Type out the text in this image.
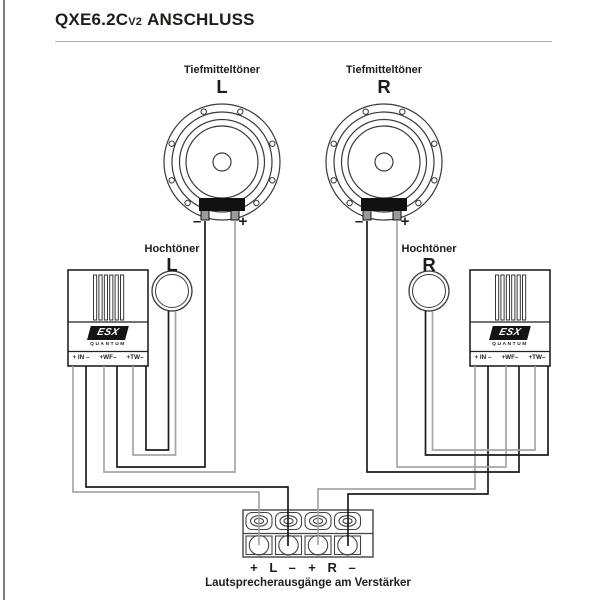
QXE6.2CV2 ANSCHLUSS
Tiefmitteltöner
L
Tiefmitteltöner
R
–	+	–	+
Hochtöner
L
Hochtöner
R
ESX
QUANTUM
+ IN –	+WF–	+TW–
ESX
QUANTUM
+ IN –	+WF–	+TW–
+ L – + R –
Lautsprecherausgänge am Verstärker
